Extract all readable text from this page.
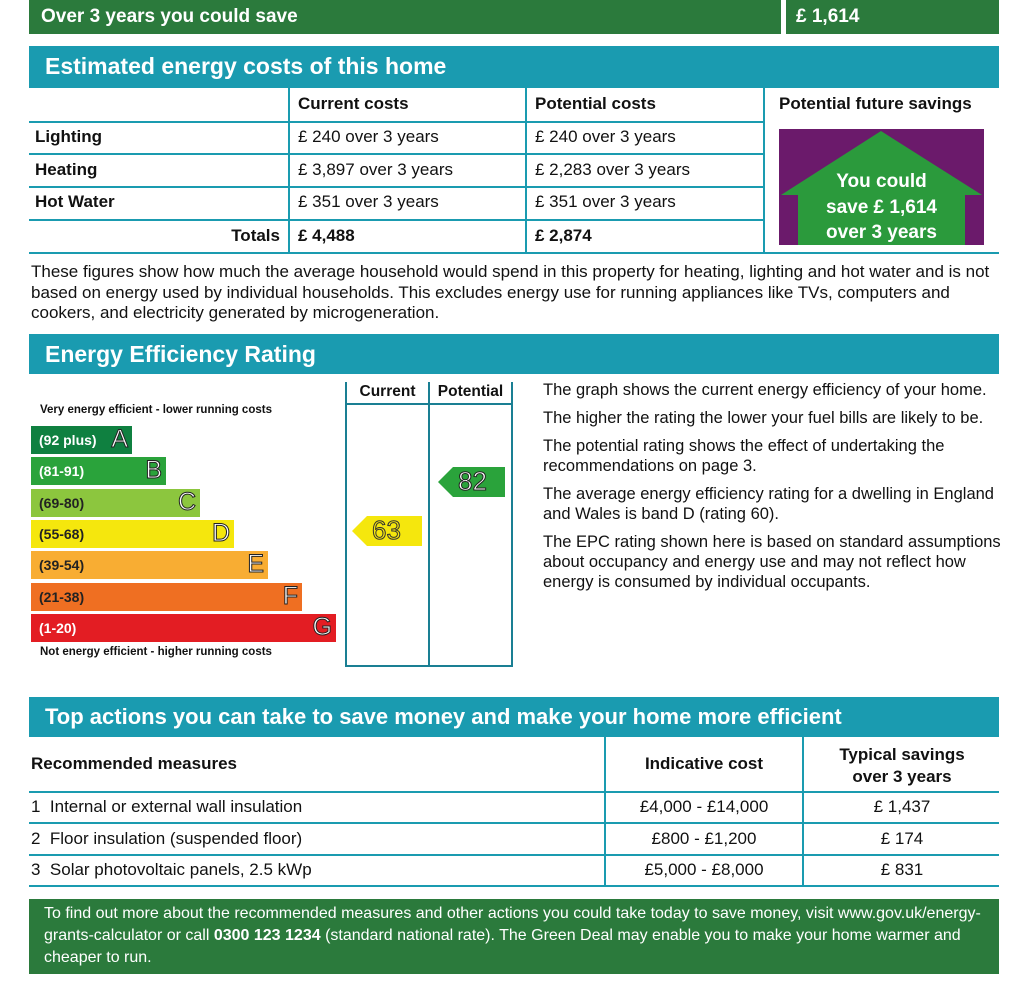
Over 3 years you could save	£ 1,614
Estimated energy costs of this home
Current costs	Potential costs	Potential future savings
Lighting	£ 240 over 3 years	£ 240 over 3 years
Heating	£ 3,897 over 3 years	£ 2,283 over 3 years
Hot Water	£ 351 over 3 years	£ 351 over 3 years
Totals	£ 4,488	£ 2,874
You could
save £ 1,614
over 3 years
These figures show how much the average household would spend in this property for heating, lighting and hot water and is not based on energy used by individual households. This excludes energy use for running appliances like TVs, computers and cookers, and electricity generated by microgeneration.
Energy Efficiency Rating
Very energy efficient - lower running costs
Not energy efficient - higher running costs
(92 plus) A
(81-91) B
(69-80)	C
(55-68)	D
(39-54)	E
(21-38)	F
(1-20)	G
Current	Potential
63
82

The graph shows the current energy efficiency of your home.

The higher the rating the lower your fuel bills are likely to be.

The potential rating shows the effect of undertaking the recommendations on page 3.

The average energy efficiency rating for a dwelling in England and Wales is band D (rating 60).

The EPC rating shown here is based on standard assumptions about occupancy and energy use and may not reflect how energy is consumed by individual occupants.

Top actions you can take to save money and make your home more efficient
Recommended measures	Indicative cost	Typical savings
over 3 years
1  Internal or external wall insulation	£4,000 - £14,000	£ 1,437
2  Floor insulation (suspended floor)	£800 - £1,200	£ 174
3  Solar photovoltaic panels, 2.5 kWp	£5,000 - £8,000	£ 831
To find out more about the recommended measures and other actions you could take today to save money, visit www.gov.uk/energy-grants-calculator or call 0300 123 1234 (standard national rate). The Green Deal may enable you to make your home warmer and cheaper to run.
